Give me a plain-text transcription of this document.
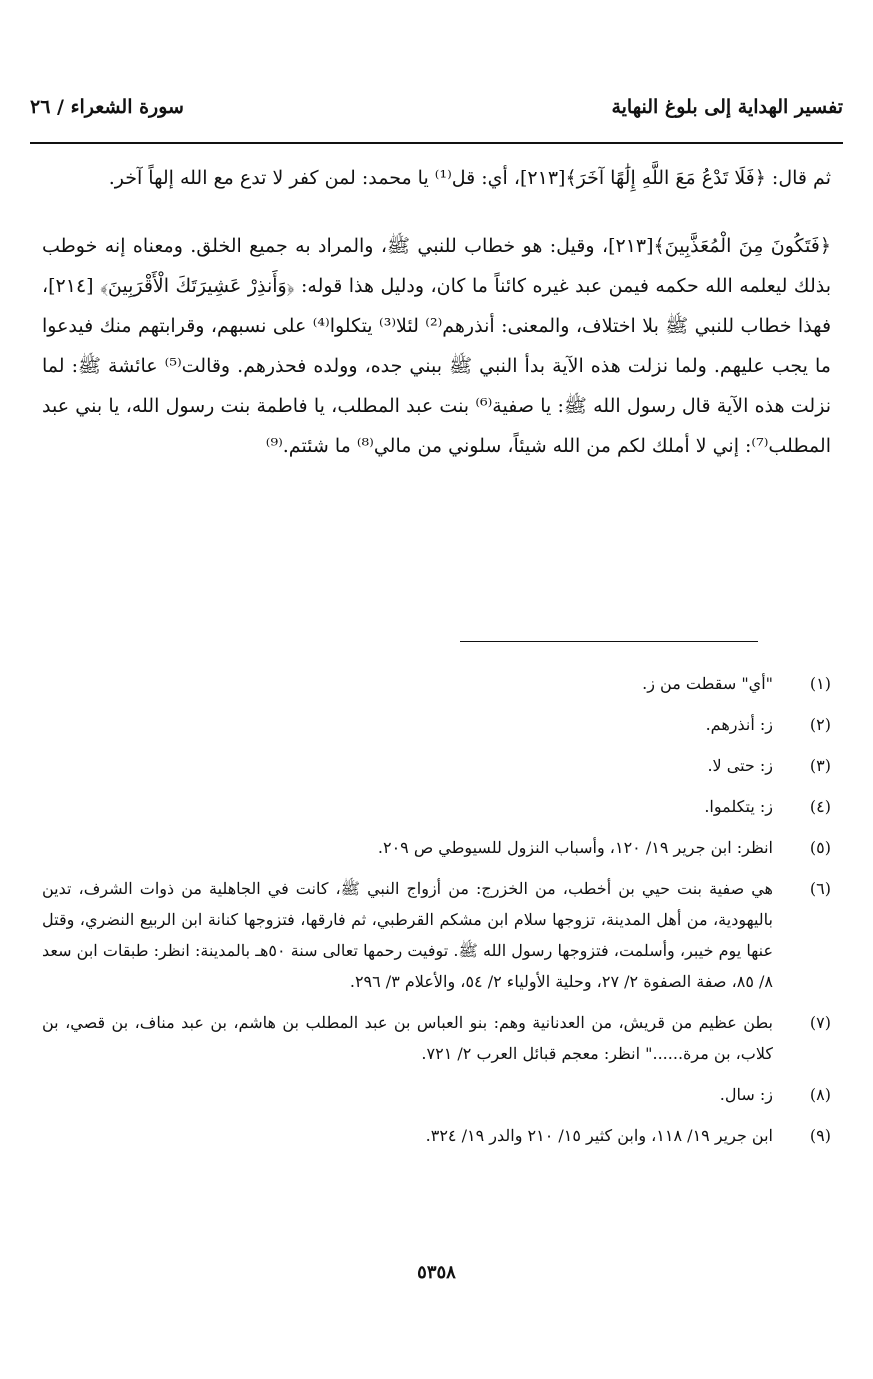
تفسير الهداية إلى بلوغ النهاية
سورة الشعراء / ٢٦

ثم قال: ﴿فَلَا تَدْعُ مَعَ اللَّهِ إِلَٰهًا آخَرَ﴾[٢١٣]، أي: قل⁽¹⁾ يا محمد: لمن كفر لا تدع مع الله إلهاً آخر.

﴿فَتَكُونَ مِنَ الْمُعَذَّبِينَ﴾[٢١٣]، وقيل: هو خطاب للنبي ﷺ، والمراد به جميع الخلق. ومعناه إنه خوطب بذلك ليعلمه الله حكمه فيمن عبد غيره كائناً ما كان، ودليل هذا قوله: ﴿وَأَنذِرْ عَشِيرَتَكَ الْأَقْرَبِينَ﴾ [٢١٤]، فهذا خطاب للنبي ﷺ بلا اختلاف، والمعنى: أنذرهم⁽²⁾ لئلا⁽³⁾ يتكلوا⁽⁴⁾ على نسبهم، وقرابتهم منك فيدعوا ما يجب عليهم. ولما نزلت هذه الآية بدأ النبي ﷺ ببني جده، وولده فحذرهم. وقالت⁽⁵⁾ عائشة ﷺ: لما نزلت هذه الآية قال رسول الله ﷺ: يا صفية⁽⁶⁾ بنت عبد المطلب، يا فاطمة بنت رسول الله، يا بني عبد المطلب⁽⁷⁾: إني لا أملك لكم من الله شيئاً، سلوني من مالي⁽⁸⁾ ما شئتم.⁽⁹⁾

(١)
"أي" سقطت من ز.
(٢)
ز: أنذرهم.
(٣)
ز: حتى لا.
(٤)
ز: يتكلموا.
(٥)
انظر: ابن جرير ١٩/ ١٢٠، وأسباب النزول للسيوطي ص ٢٠٩.
(٦)
هي صفية بنت حيي بن أخطب، من الخزرج: من أزواج النبي ﷺ، كانت في الجاهلية من ذوات الشرف، تدين باليهودية، من أهل المدينة، تزوجها سلام ابن مشكم القرطبي، ثم فارقها، فتزوجها كنانة ابن الربيع النضري، وقتل عنها يوم خيبر، وأسلمت، فتزوجها رسول الله ﷺ. توفيت رحمها تعالى سنة ٥٠هـ بالمدينة: انظر: طبقات ابن سعد ٨/ ٨٥، صفة الصفوة ٢/ ٢٧، وحلية الأولياء ٢/ ٥٤، والأعلام ٣/ ٢٩٦.
(٧)
بطن عظيم من قريش، من العدنانية وهم: بنو العباس بن عبد المطلب بن هاشم، بن عبد مناف، بن قصي، بن كلاب، بن مرة......" انظر: معجم قبائل العرب ٢/ ٧٢١.
(٨)
ز: سال.
(٩)
ابن جرير ١٩/ ١١٨، وابن كثير ١٥/ ٢١٠ والدر ١٩/ ٣٢٤.
٥٣٥٨
